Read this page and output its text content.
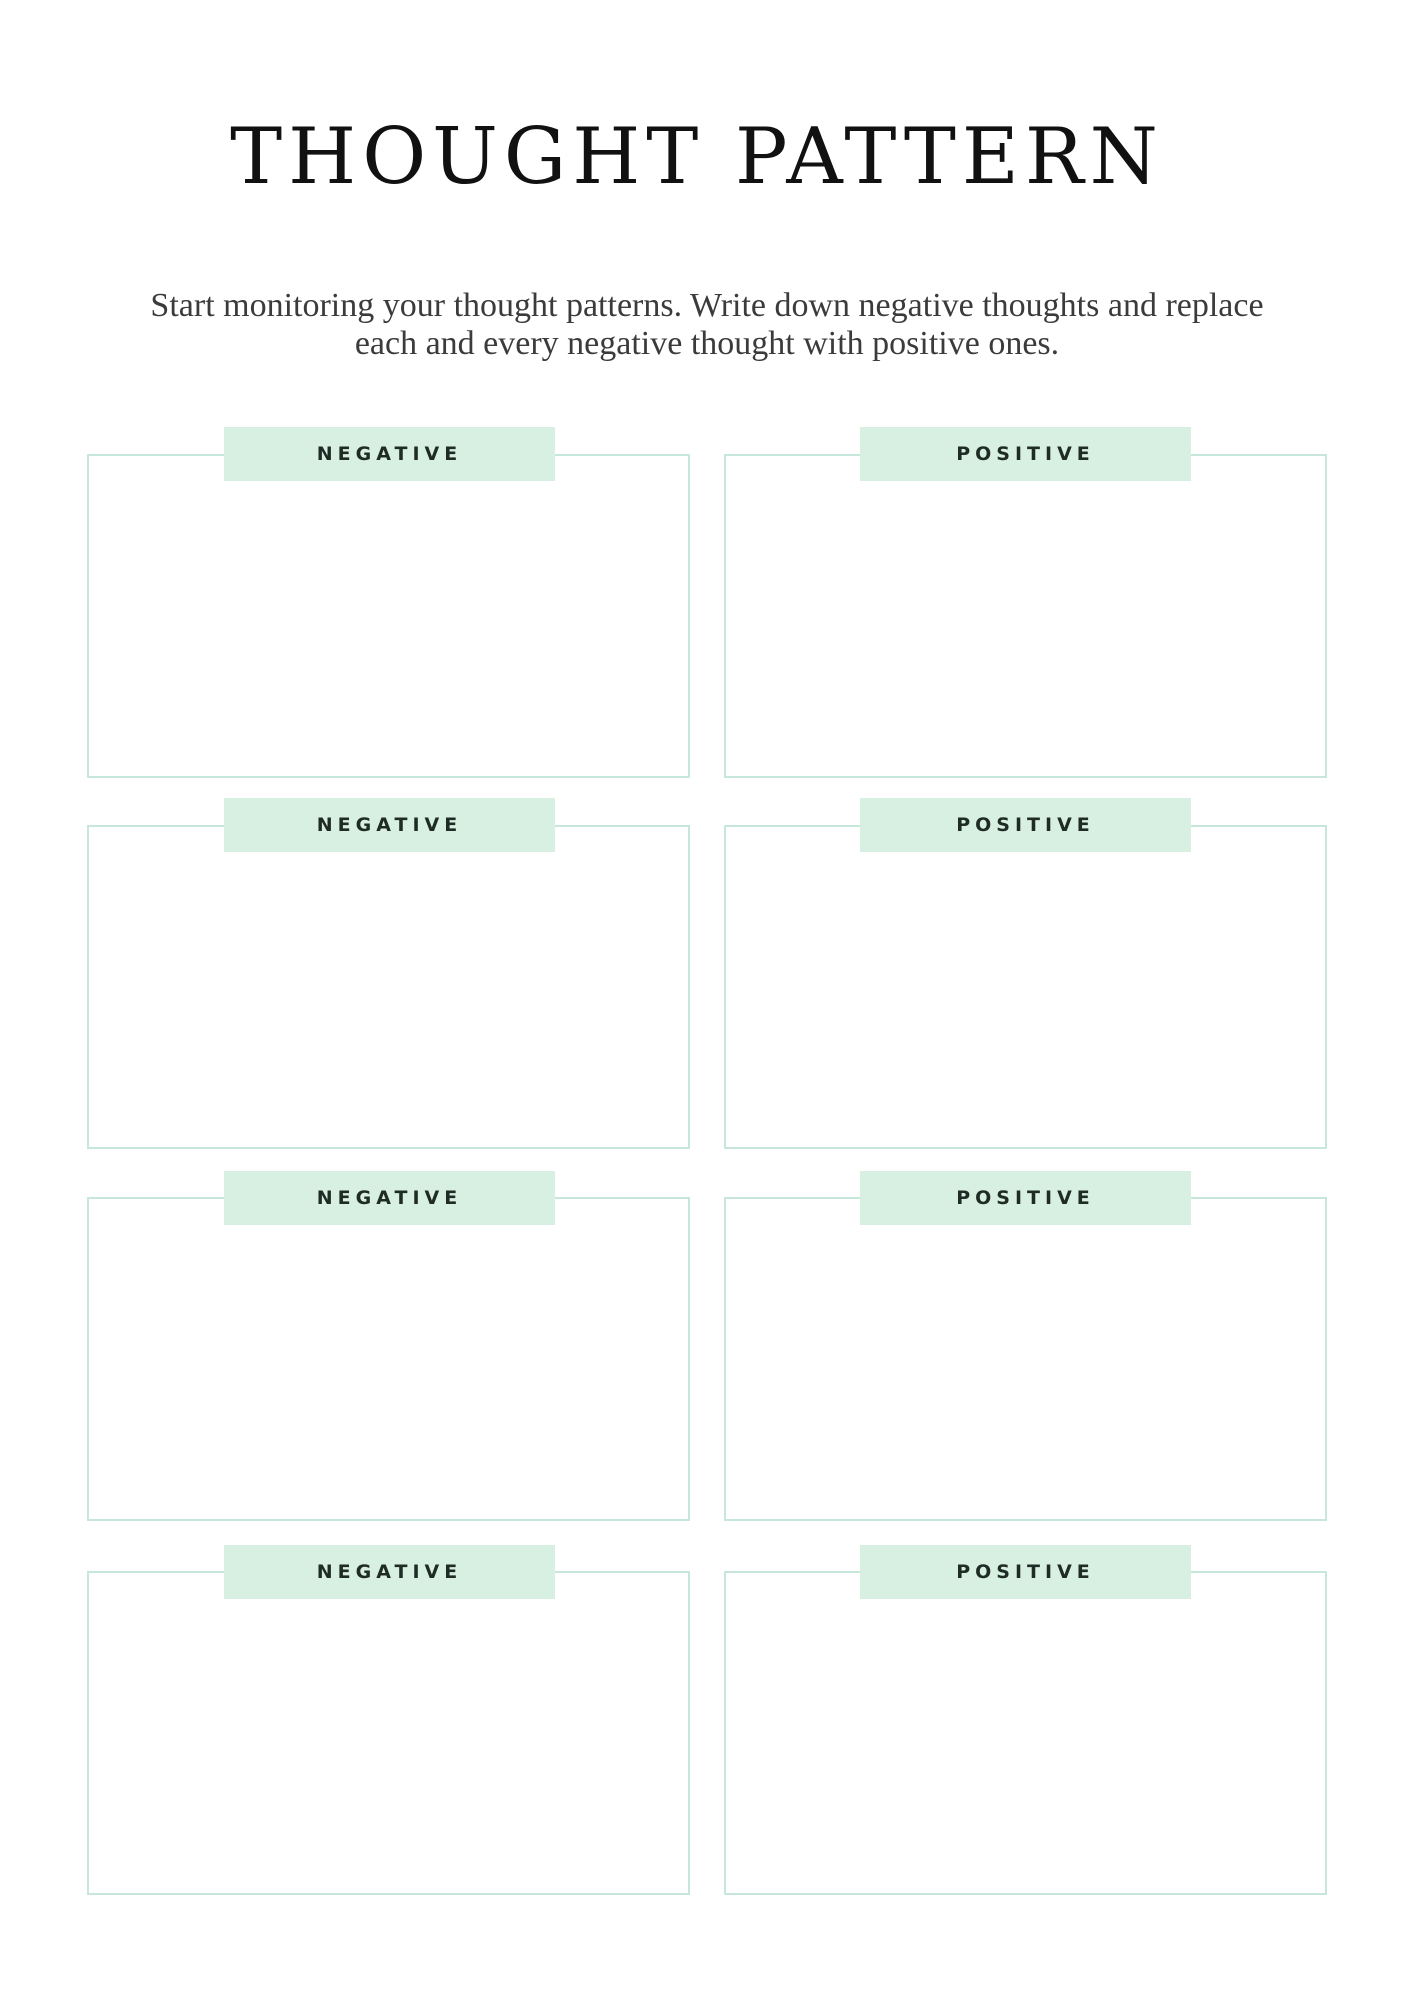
THOUGHT PATTERN

Start monitoring your thought patterns. Write down negative thoughts and replace each and every negative thought with positive ones.

NEGATIVE	POSITIVE
NEGATIVE	POSITIVE
NEGATIVE	POSITIVE
NEGATIVE	POSITIVE
